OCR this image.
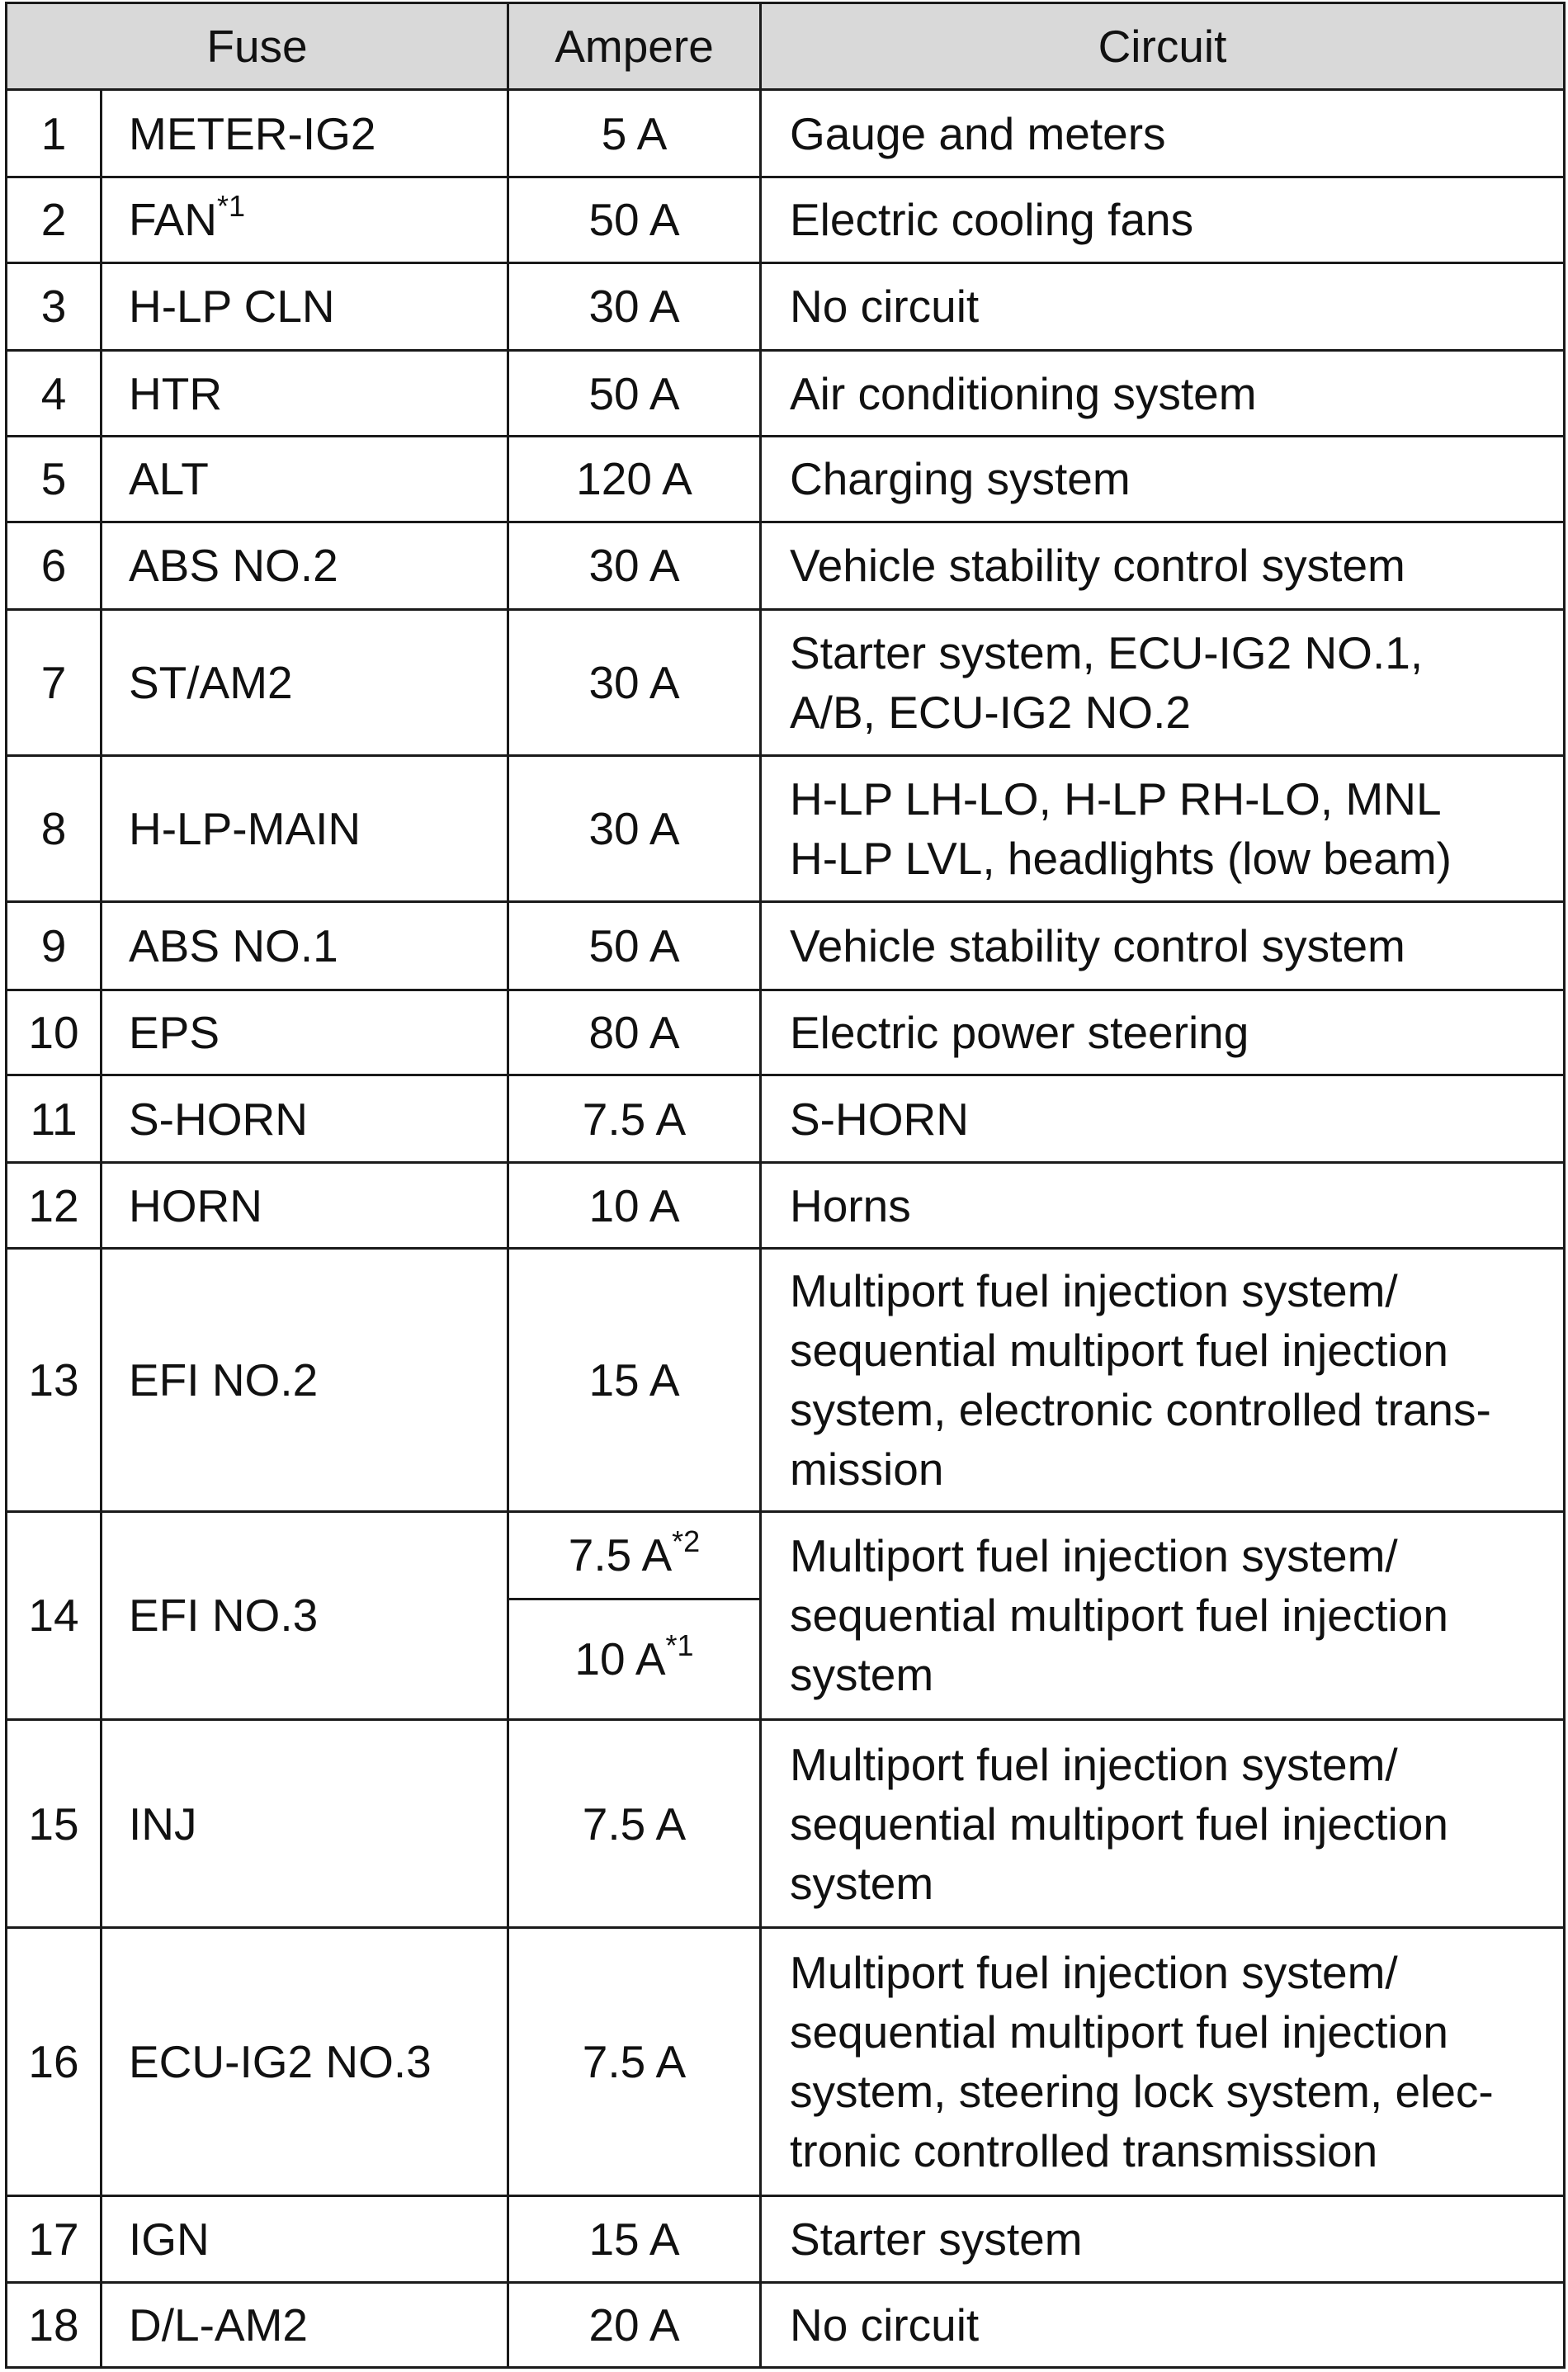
Fuse		Ampere	Circuit
1	METER-IG2	5 A	Gauge and meters
2	FAN$^{*1}$	50 A	Electric cooling fans
3	H-LP CLN	30 A	No circuit
4	HTR	50 A	Air conditioning system
5	ALT	120 A	Charging system
6	ABS NO.2	30 A	Vehicle stability control system
7	ST/AM2	30 A	Starter system, ECU-IG2 NO.1,
A/B, ECU-IG2 NO.2

8	H-LP-MAIN	30 A	H-LP LH-LO, H-LP RH-LO, MNL
H-LP LVL, headlights (low beam)

9	ABS NO.1	50 A	Vehicle stability control system
10	EPS	80 A	Electric power steering
11	S-HORN	7.5 A	S-HORN
12	HORN	10 A	Horns
13	EFI NO.2	15 A	Multiport fuel injection system/
sequential multiport fuel injection
system, electronic controlled trans-
mission

14	EFI NO.3	7.5 $A^{*2}$	Multiport fuel injection system/
sequential multiport fuel injection
system

		10 $A^{*1}$
15	INJ	7.5 A	Multiport fuel injection system/
sequential multiport fuel injection
system

16	ECU-IG2 NO.3	7.5 A	Multiport fuel injection system/
sequential multiport fuel injection
system, steering lock system, elec-
tronic controlled transmission

17	IGN	15 A	Starter system
18	D/L-AM2	20 A	No circuit
